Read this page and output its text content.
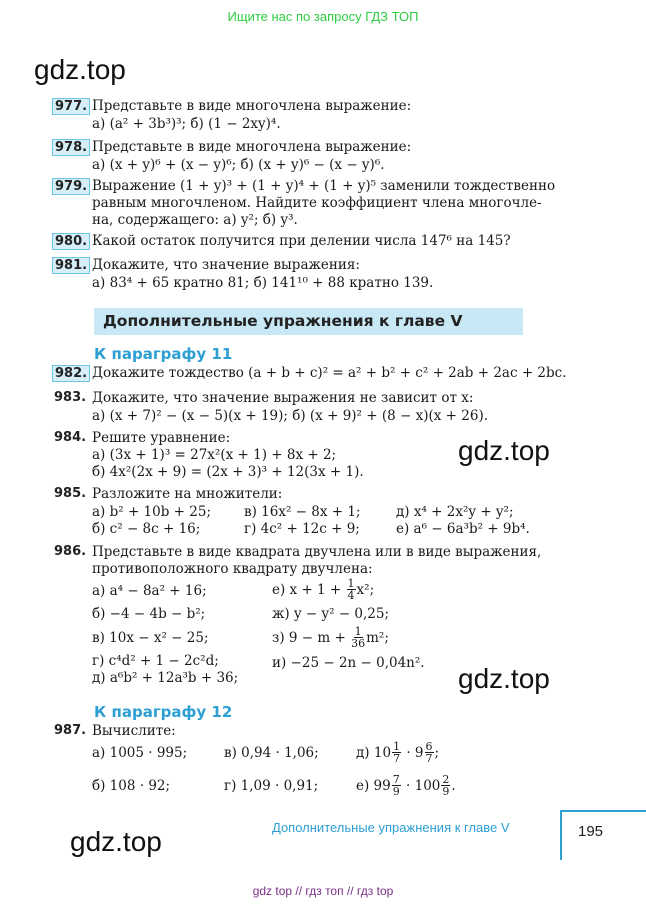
Ищите нас по запросу ГДЗ ТОП
gdz.top
gdz.top
gdz.top
gdz.top
977. Представьте в виде многочлена выражение:
а) (a² + 3b³)³; б) (1 − 2xy)⁴.
978. Представьте в виде многочлена выражение:
а) (x + y)⁶ + (x − y)⁶; б) (x + y)⁶ − (x − y)⁶.
979. Выражение (1 + y)³ + (1 + y)⁴ + (1 + y)⁵ заменили тождественно
равным многочленом. Найдите коэффициент члена многочле-
на, содержащего: а) y²; б) y³.
980. Какой остаток получится при делении числа 147⁶ на 145?
981. Докажите, что значение выражения:
а) 83⁴ + 65 кратно 81; б) 141¹⁰ + 88 кратно 139.
Дополнительные упражнения к главе V
К параграфу 11
982. Докажите тождество (a + b + c)² = a² + b² + c² + 2ab + 2ac + 2bc.
983. Докажите, что значение выражения не зависит от x:
а) (x + 7)² − (x − 5)(x + 19); б) (x + 9)² + (8 − x)(x + 26).
984. Решите уравнение:
а) (3x + 1)³ = 27x²(x + 1) + 8x + 2;
б) 4x²(2x + 9) = (2x + 3)³ + 12(3x + 1).
985. Разложите на множители:
а) b² + 10b + 25; в) 16x² − 8x + 1;	д) x⁴ + 2x²y + y²;
б) c² − 8c + 16;	г) 4c² + 12c + 9;	е) a⁶ − 6a³b² + 9b⁴.
986. Представьте в виде квадрата двучлена или в виде выражения,
противоположного квадрату двучлена:
а) a⁴ − 8a² + 16;
б) −4 − 4b − b²;
в) 10x − x² − 25;
г) c⁴d² + 1 − 2c²d;
д) a⁶b² + 12a³b + 36;
е) $x + 1 + \frac{1}{4} x^2$;
ж) y − y² − 0,25;
з) $9 - m + \frac{1}{36} m^2$;
и) −25 − 2n − 0,04n².
К параграфу 12
987. Вычислите:
а) 1005 · 995;	в) 0,94 · 1,06;	д) 10 1
7 · 9 6
7 ;
б) 108 · 92;	г) 1,09 · 0,91;	е) 99 7
9 · 100 2
9 .
Дополнительные упражнения к главе V	195
gdz top // гдз топ // гдз top
